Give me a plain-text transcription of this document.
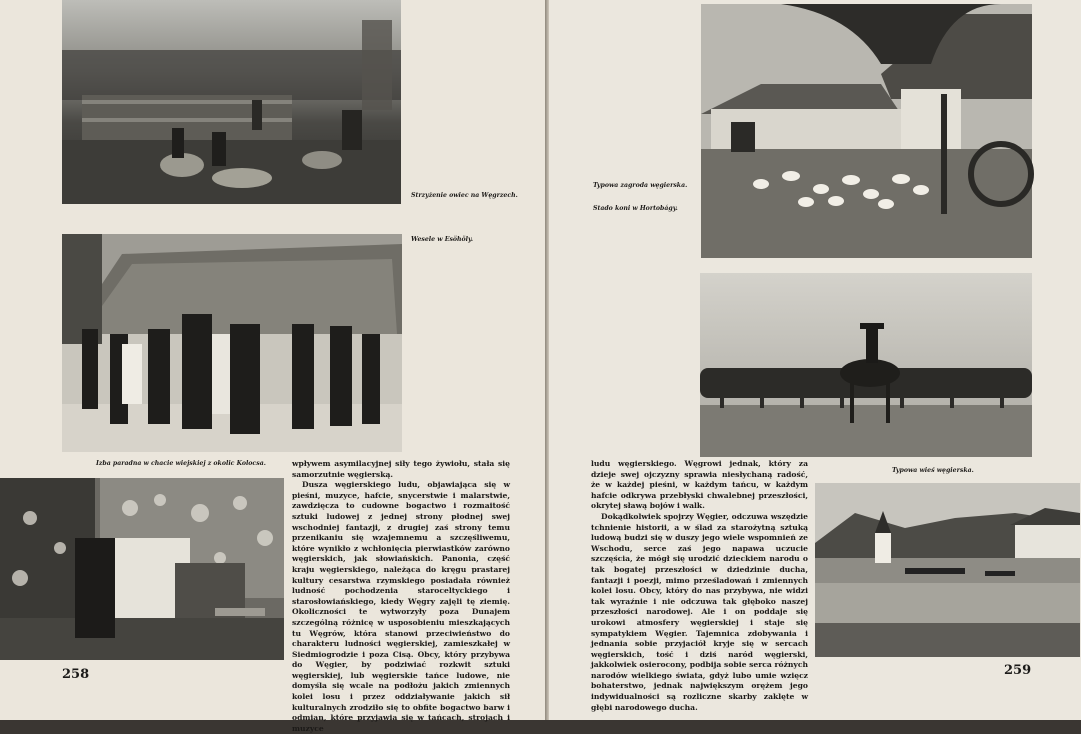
Strzyżenie owiec na Węgrzech.
Wesele w Esöhöly.
Izba paradna w chacie wiejskiej z okolic Kolocsa.	wpływem asymilacyjnej siły tego żywiołu, stała się samorzutnie węgierską.

Dusza węgierskiego ludu, objawiająca się w pieśni, muzyce, hafcie, snycerstwie i malarstwie, zawdzięcza to cudowne bogactwo i rozmaitość sztuki ludowej z jednej strony płodnej swej wschodniej fantazji, z drugiej zaś strony temu przenikaniu się wzajemnemu a szczęśliwemu, które wynikło z wchłonięcia pierwiastków zarówno węgierskich, jak słowiańskich. Panonia, część kraju węgierskiego, należąca do kręgu prastarej kultury cesarstwa rzymskiego posiadała również ludność pochodzenia staroceltyckiego i starosłowiańskiego, kiedy Węgry zajęli tę ziemię. Okoliczności te wytworzyły poza Dunajem szczególną różnicę w usposobieniu mieszkających tu Węgrów, która stanowi przeciwieństwo do charakteru ludności węgierskiej, zamieszkałej w Siedmiogrodzie i poza Cisą. Obcy, który przybywa do Węgier, by podziwiać rozkwit sztuki węgierskiej, lub węgierskie tańce ludowe, nie domyśla się wcale na podłożu jakich zmiennych kolei losu i przez oddziaływanie jakich sił kulturalnych zrodziło się to obfite bogactwo barw i odmian, które przyjawia się w tańcach, strojach i muzyce

258
Typowa zagroda węgierska.
Stado koni w Hortobágy.
Typowa wieś węgierska.

ludu węgierskiego. Węgrowi jednak, który za dzieje swej ojczyzny sprawia niesłychaną radość, że w każdej pieśni, w każdym tańcu, w każdym hafcie odkrywa przebłyski chwalebnej przeszłości, okrytej sławą bojów i walk.

Dokądkolwiek spojrzy Węgier, odczuwa wszędzie tchnienie historii, a w ślad za starożytną sztuką ludową budzi się w duszy jego wiele wspomnień ze Wschodu, serce zaś jego napawa uczucie szczęścia, że mógł się urodzić dzieckiem narodu o tak bogatej przeszłości w dziedzinie ducha, fantazji i poezji, mimo prześladowań i zmiennych kolei losu. Obcy, który do nas przybywa, nie widzi tak wyraźnie i nie odczuwa tak głęboko naszej przeszłości narodowej. Ale i on poddaje się urokowi atmosfery węgierskiej i staje się sympatykiem Węgier. Tajemnica zdobywania i jednania sobie przyjaciół kryje się w sercach węgierskich, tość i dziś naród węgierski, jakkolwiek osierocony, podbija sobie serca różnych narodów wielkiego świata, gdyż lubo umie wzięcz bohaterstwo, jednak największym orężem jego indywidualności są rozliczne skarby zaklęte w głębi narodowego ducha.

259
